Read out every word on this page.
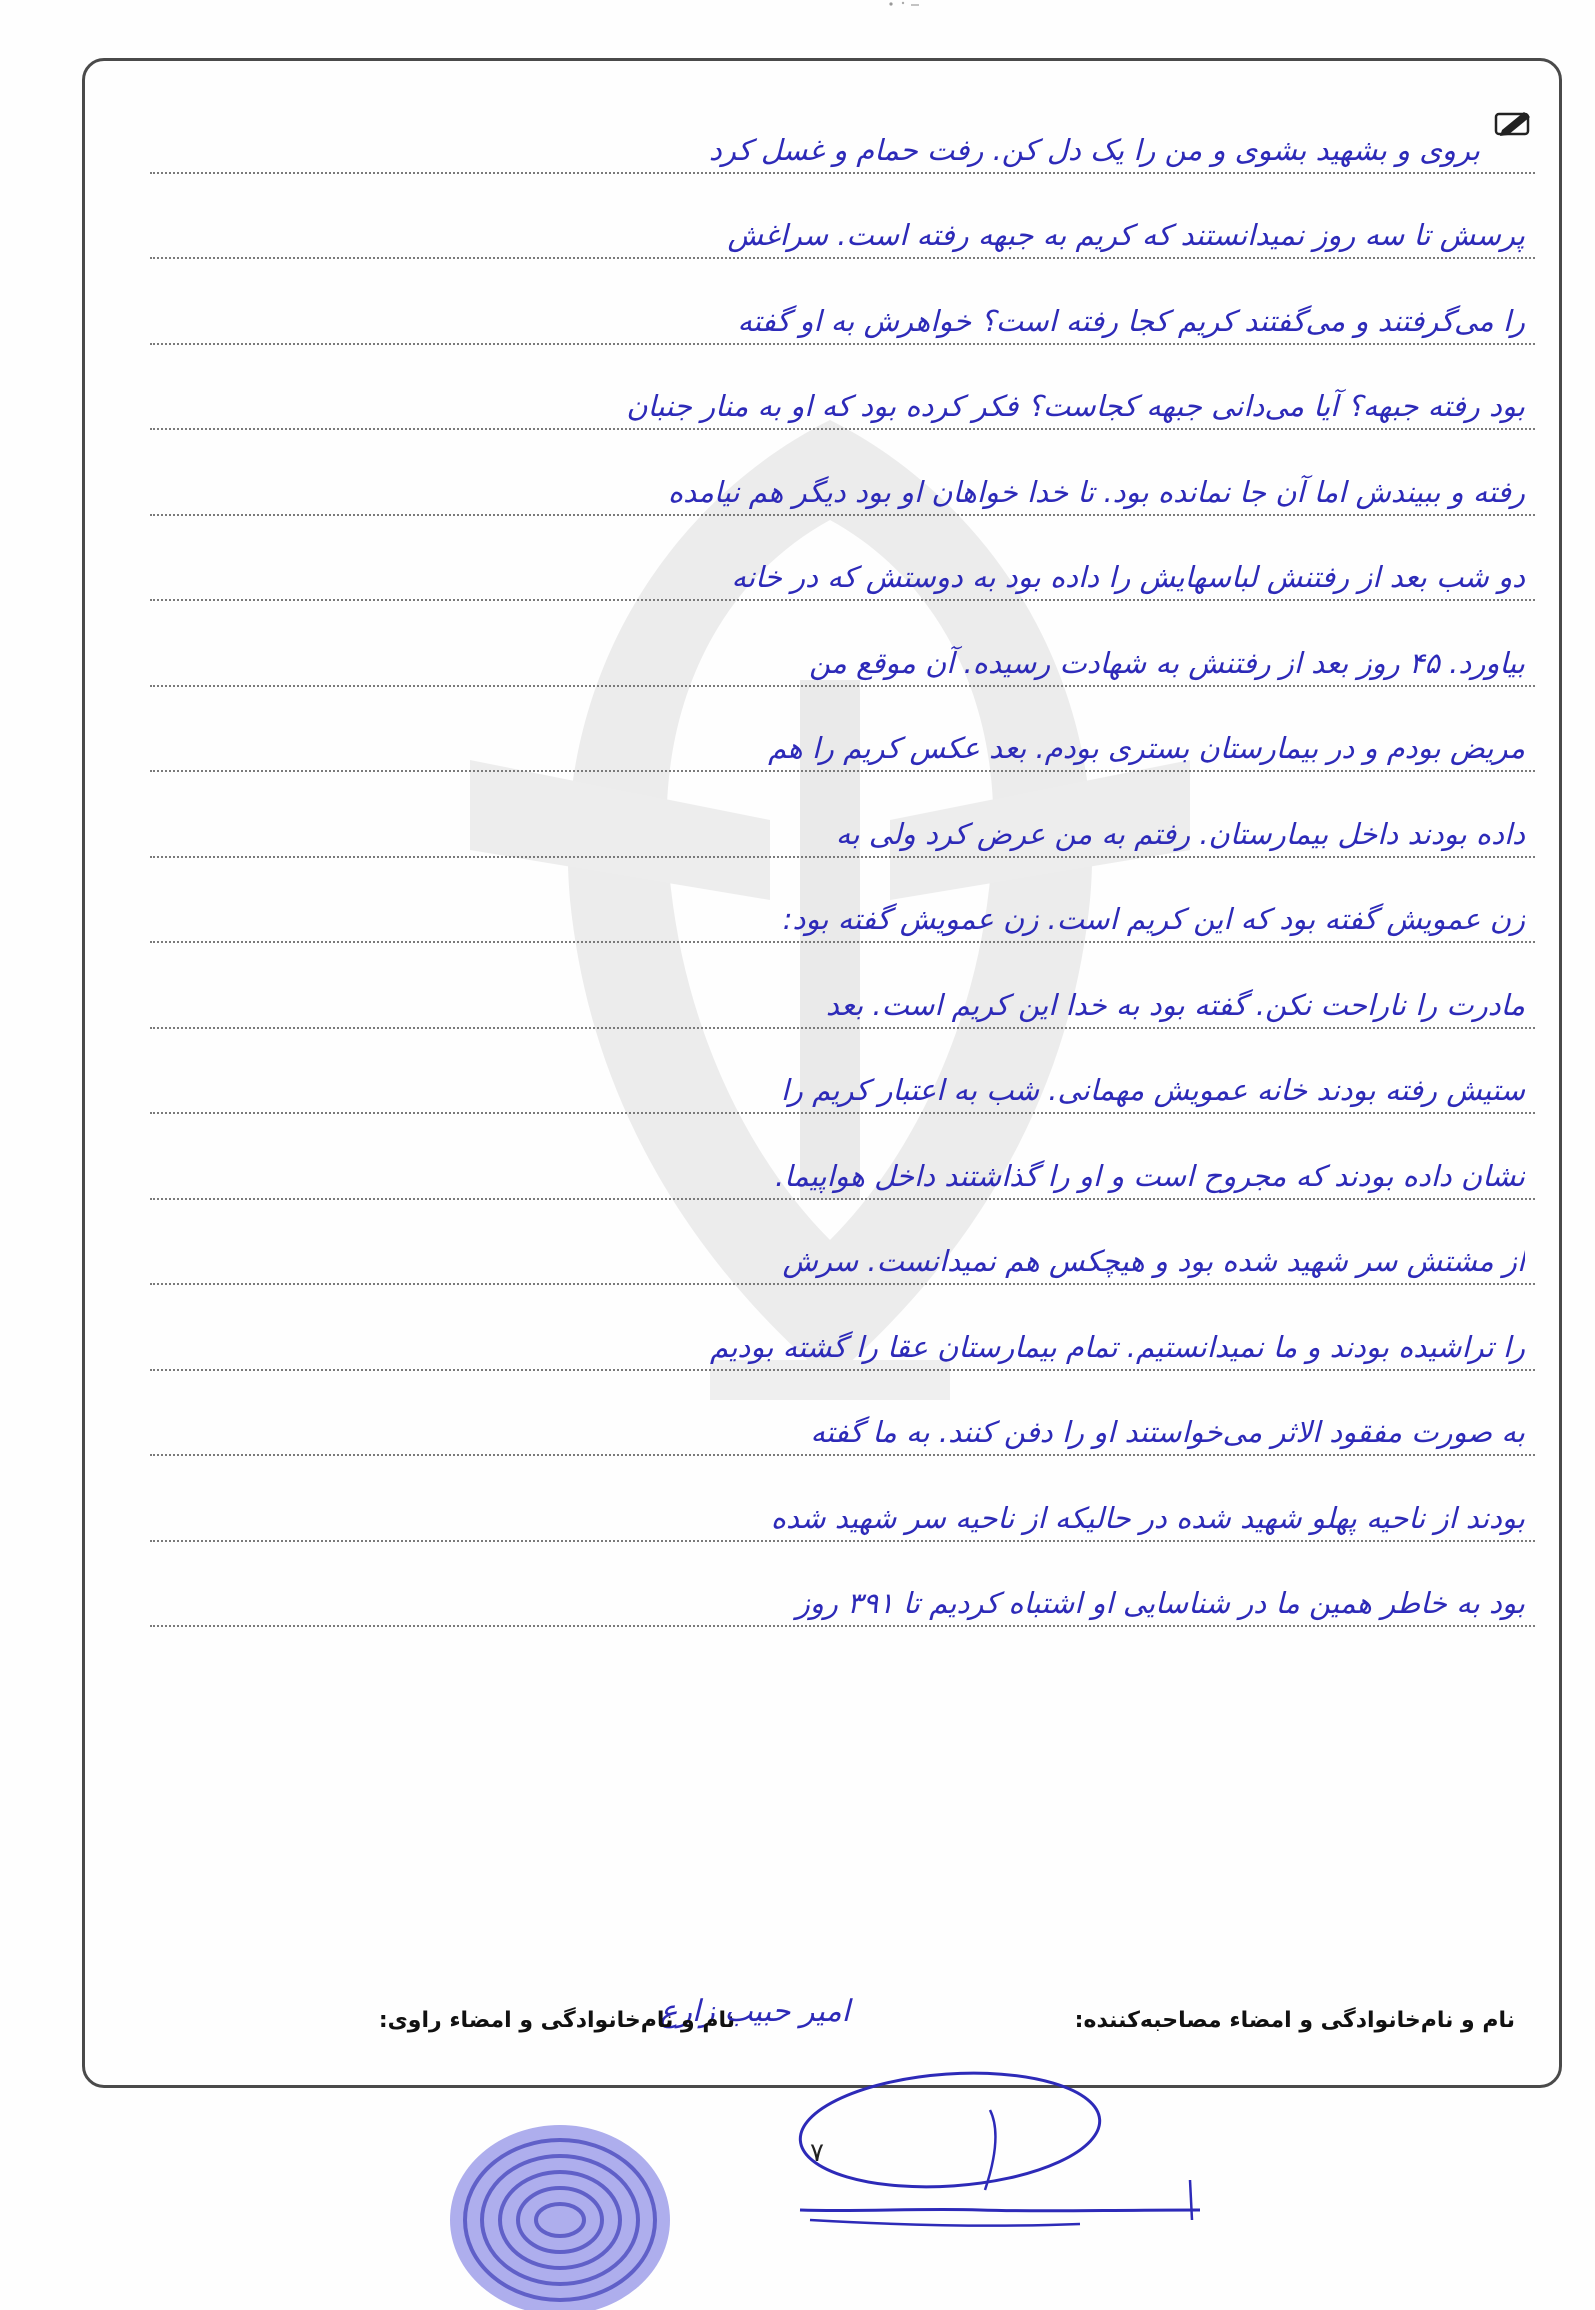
بروی و بشهید بشوی و من را یک دل کن. رفت حمام و غسل کرد
پرسش تا سه روز نمیدانستند که کریم به جبهه رفته است. سراغش
را می‌گرفتند و می‌گفتند کریم کجا رفته است؟ خواهرش به او گفته
بود رفته جبهه؟ آیا می‌دانی جبهه کجاست؟ فکر کرده بود که او به منار جنبان
رفته و ببیندش اما آن جا نمانده بود. تا خدا خواهان او بود دیگر هم نیامده
دو شب بعد از رفتنش لباسهایش را داده بود به دوستش که در خانه
بیاورد. ۴۵ روز بعد از رفتنش به شهادت رسیده. آن موقع من
مریض بودم و در بیمارستان بستری بودم. بعد عکس کریم را هم
داده بودند داخل بیمارستان. رفتم به من عرض کرد ولی به
زن عمویش گفته بود که این کریم است. زن عمویش گفته بود:
مادرت را ناراحت نکن. گفته بود به خدا این کریم است. بعد
ستیش رفته بودند خانه عمویش مهمانی. شب به اعتبار کریم را
نشان داده بودند که مجروح است و او را گذاشتند داخل هواپیما.
از مشتش سر شهید شده بود و هیچکس هم نمیدانست. سرش
را تراشیده بودند و ما نمیدانستیم. تمام بیمارستان عقا را گشته بودیم
به صورت مفقود الاثر می‌خواستند او را دفن کنند. به ما گفته
بودند از ناحیه پهلو شهید شده در حالیکه از ناحیه سر شهید شده
بود به خاطر همین ما در شناسایی او اشتباه کردیم تا ۳۹۱ روز
نام و نام‌خانوادگی و امضاء مصاحبه‌کننده:
امیر حبیب زارع
نام و نام‌خانوادگی و امضاء راوی:
۷
